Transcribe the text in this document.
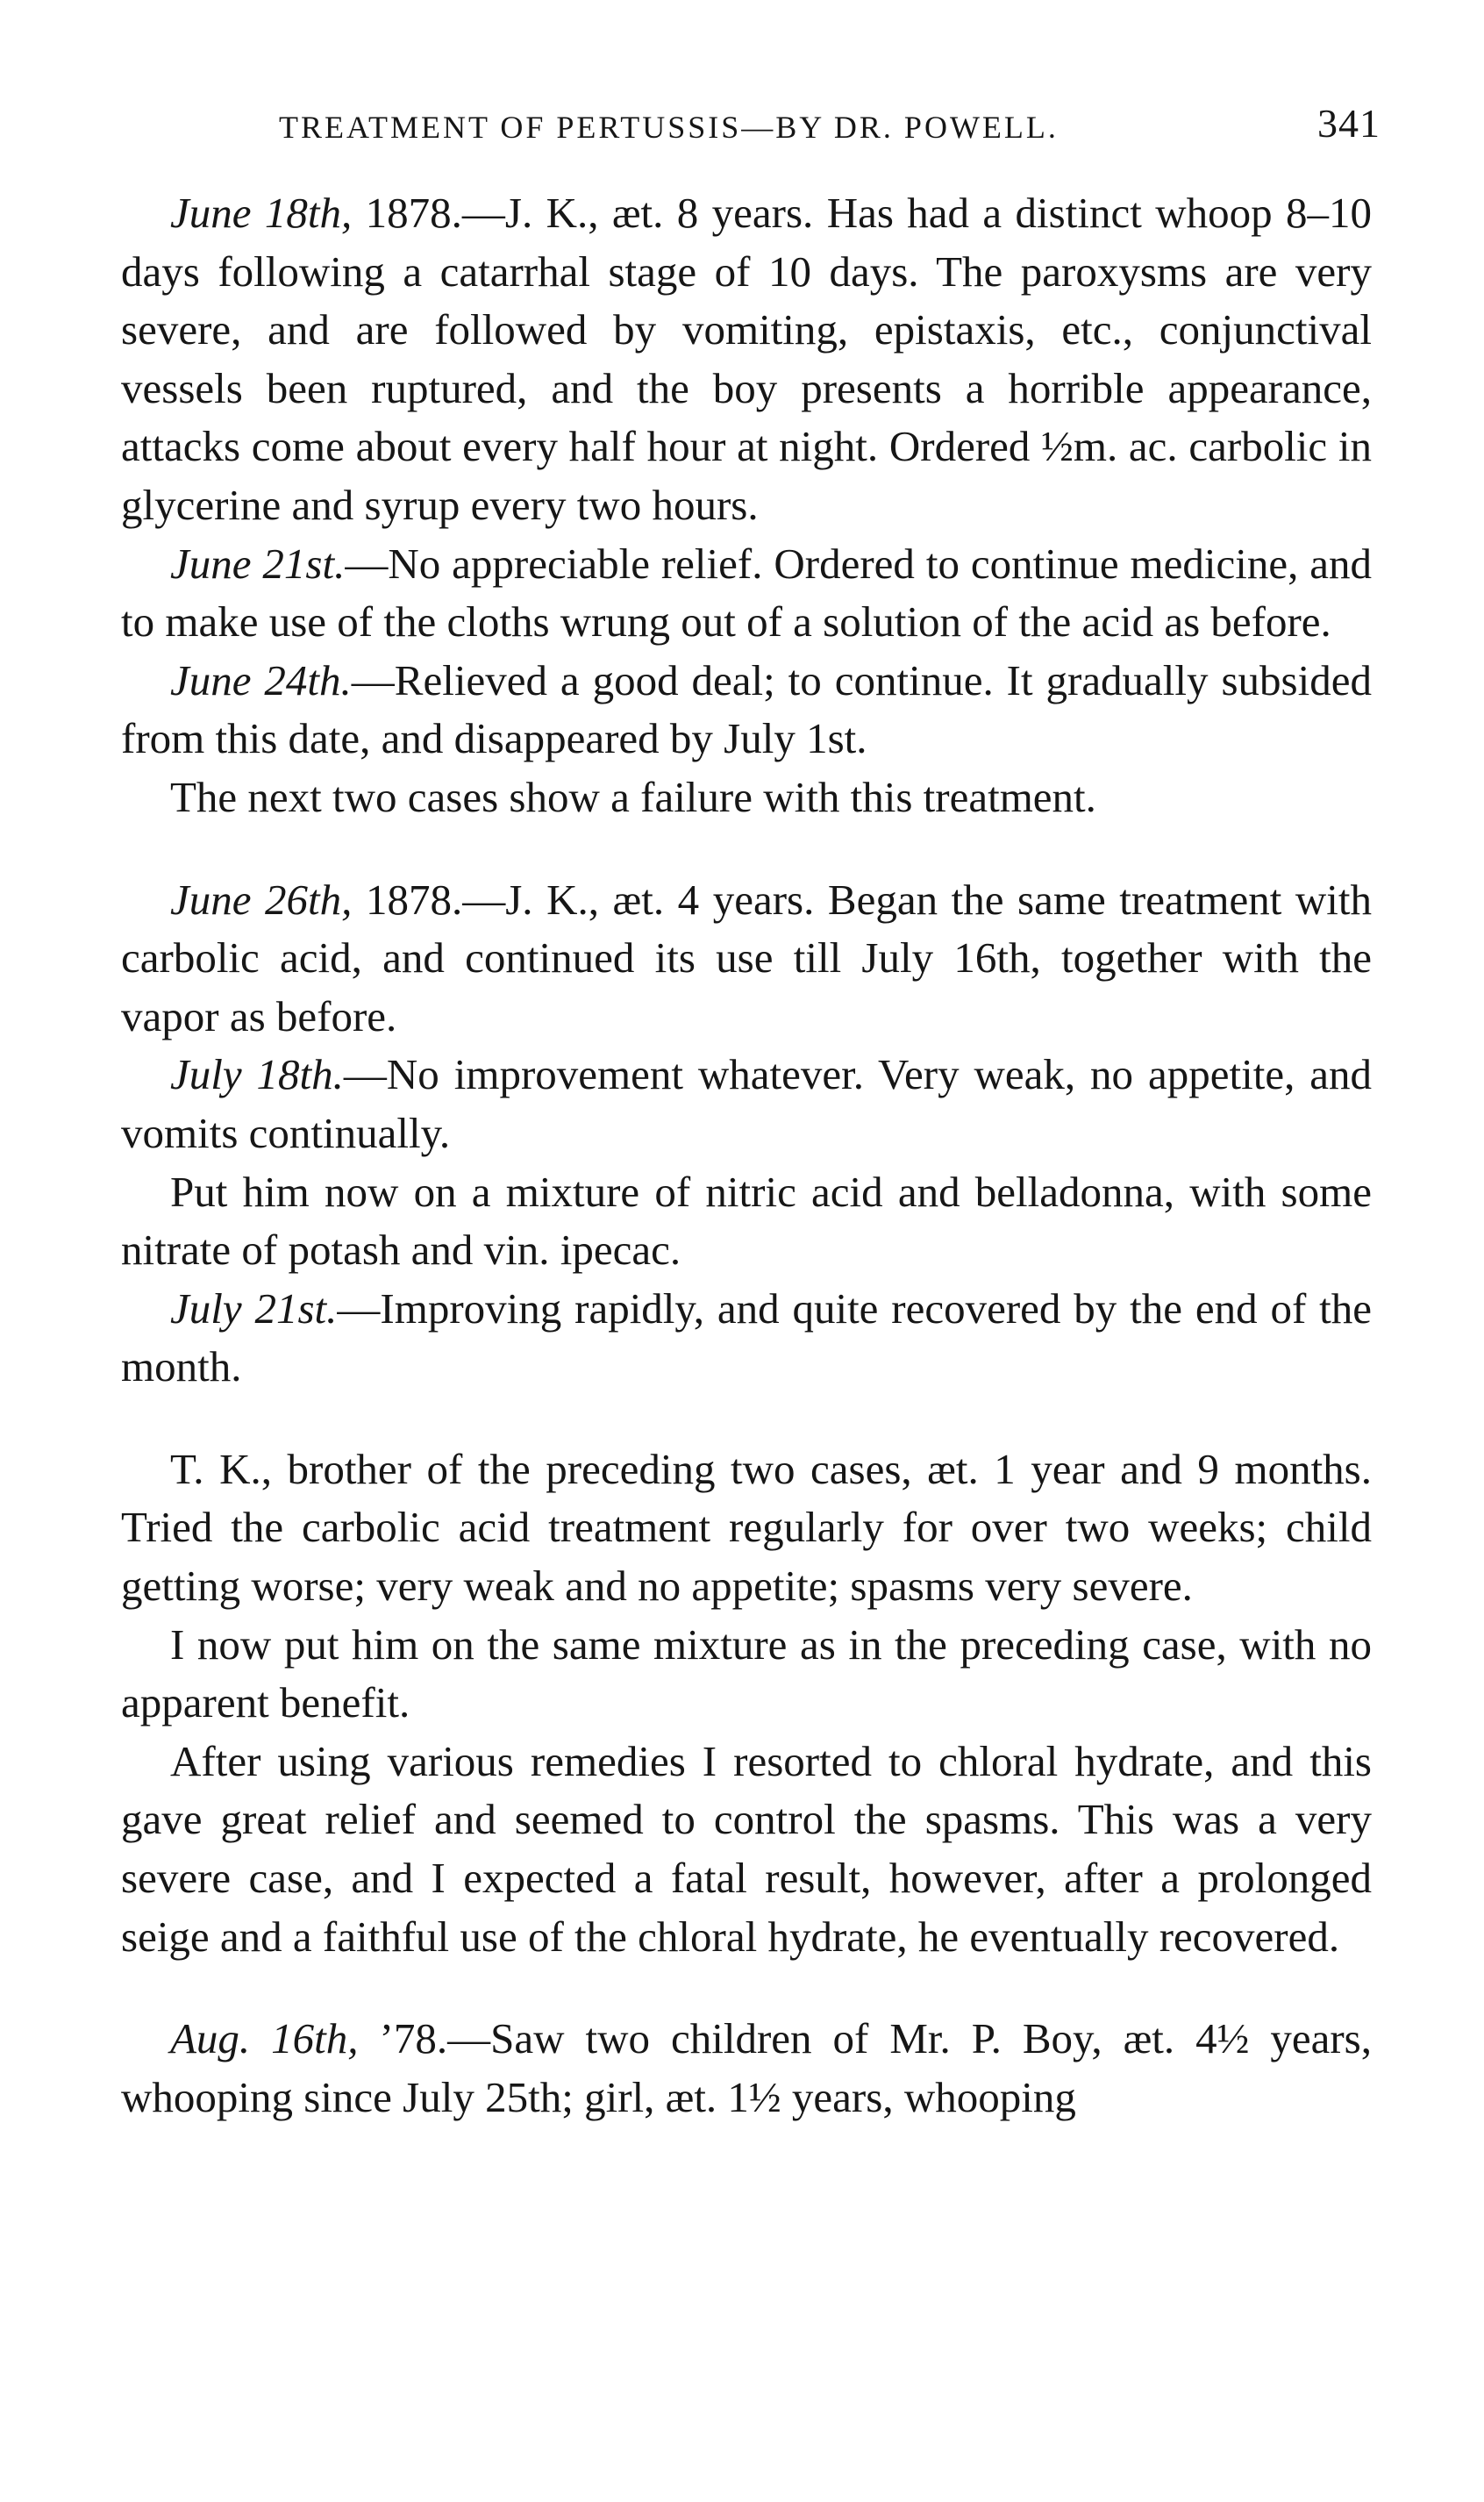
TREATMENT OF PERTUSSIS—BY DR. POWELL.	341

June 18th, 1878.—J. K., æt. 8 years. Has had a distinct whoop 8–10 days following a catarrhal stage of 10 days. The paroxysms are very severe, and are followed by vomiting, epistaxis, etc., conjunctival vessels been ruptured, and the boy presents a horrible appearance, attacks come about every half hour at night. Ordered ½m. ac. carbolic in glycerine and syrup every two hours.

June 21st.—No appreciable relief. Ordered to continue medicine, and to make use of the cloths wrung out of a solution of the acid as before.

June 24th.—Relieved a good deal; to continue. It gradually subsided from this date, and disappeared by July 1st.

The next two cases show a failure with this treatment.

June 26th, 1878.—J. K., æt. 4 years. Began the same treatment with carbolic acid, and continued its use till July 16th, together with the vapor as before.

July 18th.—No improvement whatever. Very weak, no appetite, and vomits continually.

Put him now on a mixture of nitric acid and belladonna, with some nitrate of potash and vin. ipecac.

July 21st.—Improving rapidly, and quite recovered by the end of the month.

T. K., brother of the preceding two cases, æt. 1 year and 9 months. Tried the carbolic acid treatment regularly for over two weeks; child getting worse; very weak and no appetite; spasms very severe.

I now put him on the same mixture as in the preceding case, with no apparent benefit.

After using various remedies I resorted to chloral hydrate, and this gave great relief and seemed to control the spasms. This was a very severe case, and I expected a fatal result, however, after a prolonged seige and a faithful use of the chloral hydrate, he eventually recovered.

Aug. 16th, ’78.—Saw two children of Mr. P. Boy, æt. 4½ years, whooping since July 25th; girl, æt. 1½ years, whooping
